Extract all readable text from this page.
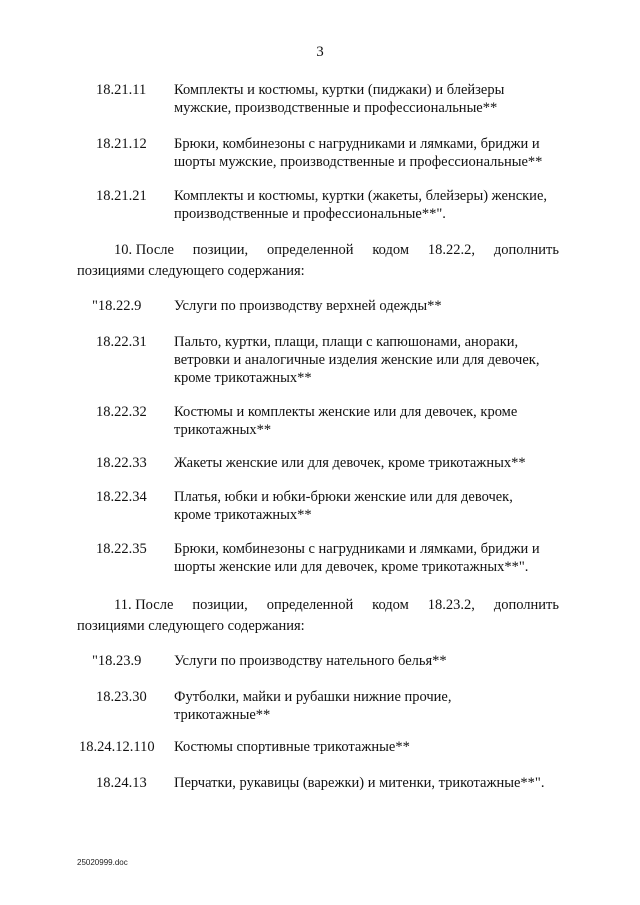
3
18.21.11 Комплекты и костюмы, куртки (пиджаки) и блейзеры
мужские, производственные и профессиональные**
18.21.12 Брюки, комбинезоны с нагрудниками и лямками, бриджи и
шорты мужские, производственные и профессиональные**
18.21.21 Комплекты и костюмы, куртки (жакеты, блейзеры) женские,
производственные и профессиональные**".
10. После позиции, определенной кодом 18.22.2, дополнить
позициями следующего содержания:
"18.22.9 Услуги по производству верхней одежды**
18.22.31 Пальто, куртки, плащи, плащи с капюшонами, анораки,
ветровки и аналогичные изделия женские или для девочек,
кроме трикотажных**
18.22.32 Костюмы и комплекты женские или для девочек, кроме
трикотажных**
18.22.33 Жакеты женские или для девочек, кроме трикотажных**
18.22.34 Платья, юбки и юбки-брюки женские или для девочек,
кроме трикотажных**
18.22.35 Брюки, комбинезоны с нагрудниками и лямками, бриджи и
шорты женские или для девочек, кроме трикотажных**".
11. После позиции, определенной кодом 18.23.2, дополнить
позициями следующего содержания:
"18.23.9 Услуги по производству нательного белья**
18.23.30 Футболки, майки и рубашки нижние прочие,
трикотажные**
18.24.12.110 Костюмы спортивные трикотажные**
18.24.13 Перчатки, рукавицы (варежки) и митенки, трикотажные**".
25020999.doc
